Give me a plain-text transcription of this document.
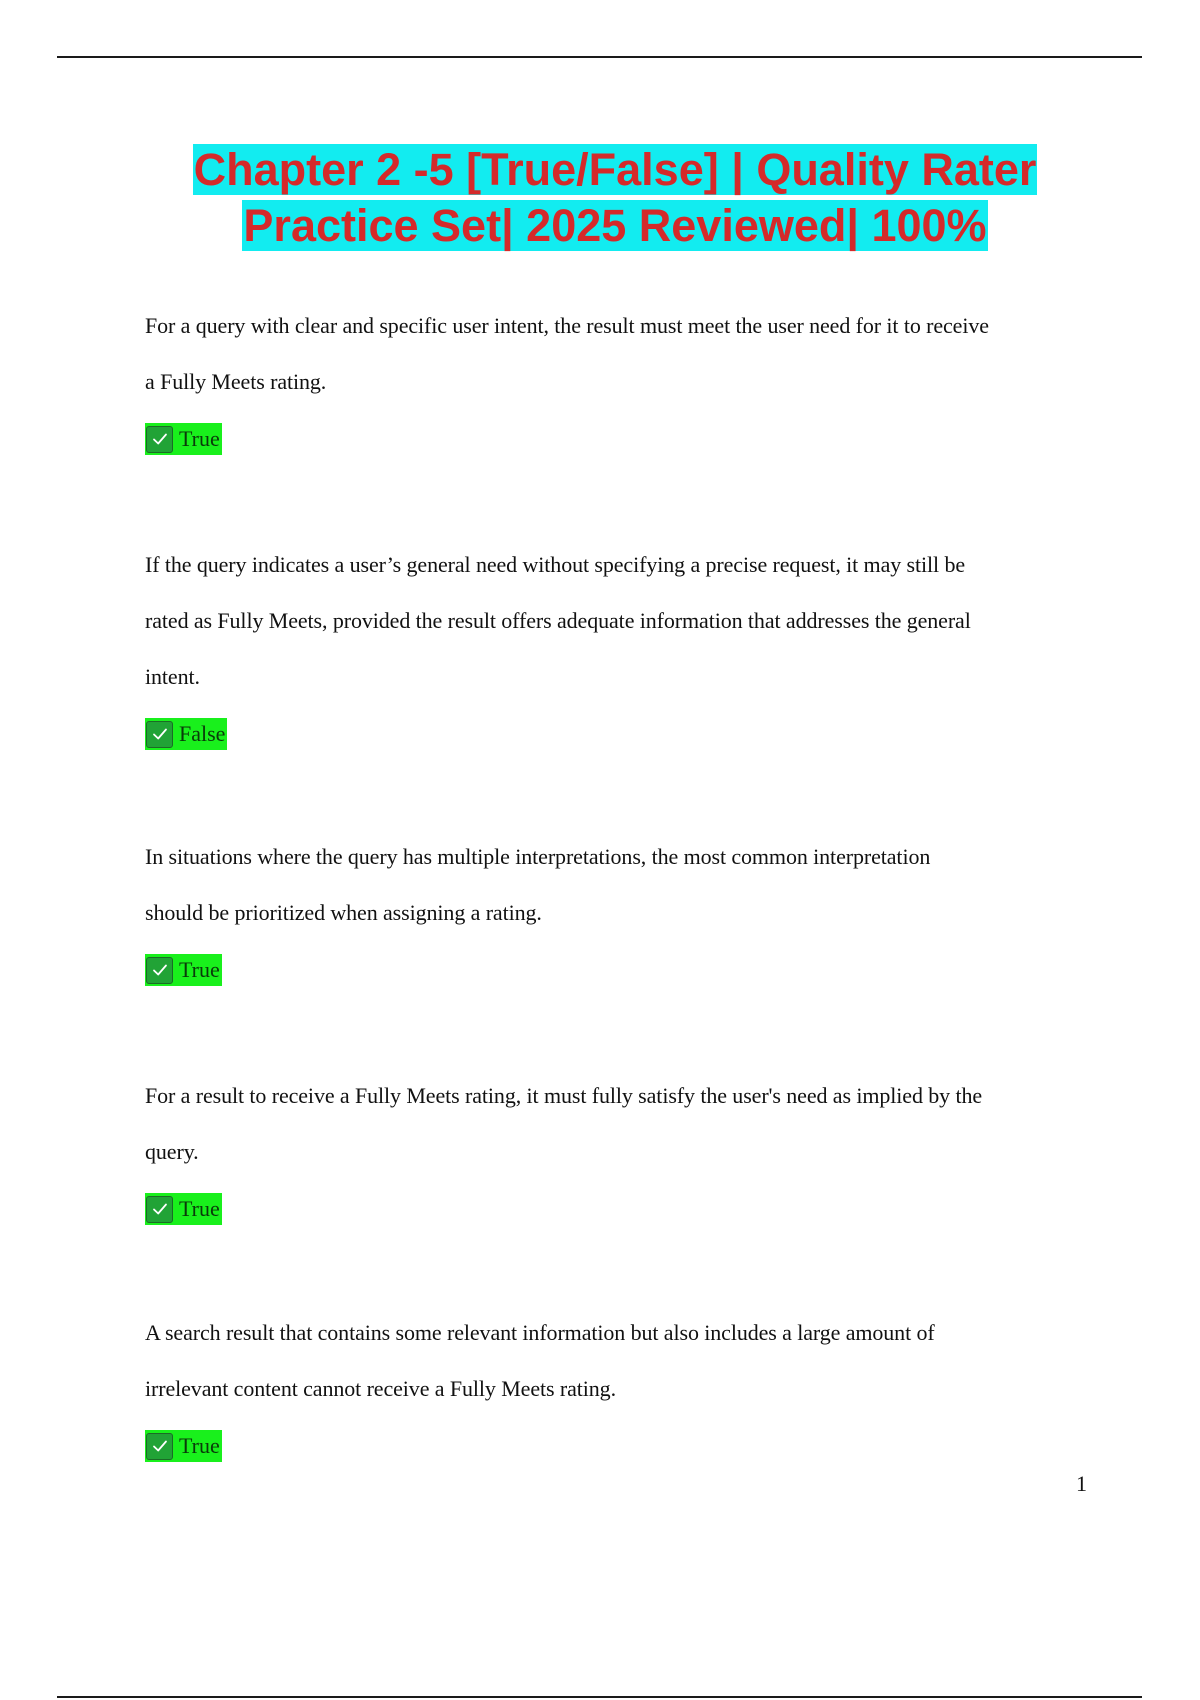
Chapter 2 -5 [True/False] | Quality Rater
Practice Set| 2025 Reviewed| 100%

For a query with clear and specific user intent, the result must meet the user need for it to receive
a Fully Meets rating.

True

If the query indicates a user’s general need without specifying a precise request, it may still be
rated as Fully Meets, provided the result offers adequate information that addresses the general
intent.

False

In situations where the query has multiple interpretations, the most common interpretation
should be prioritized when assigning a rating.

True

For a result to receive a Fully Meets rating, it must fully satisfy the user's need as implied by the
query.

True

A search result that contains some relevant information but also includes a large amount of
irrelevant content cannot receive a Fully Meets rating.

True
1
